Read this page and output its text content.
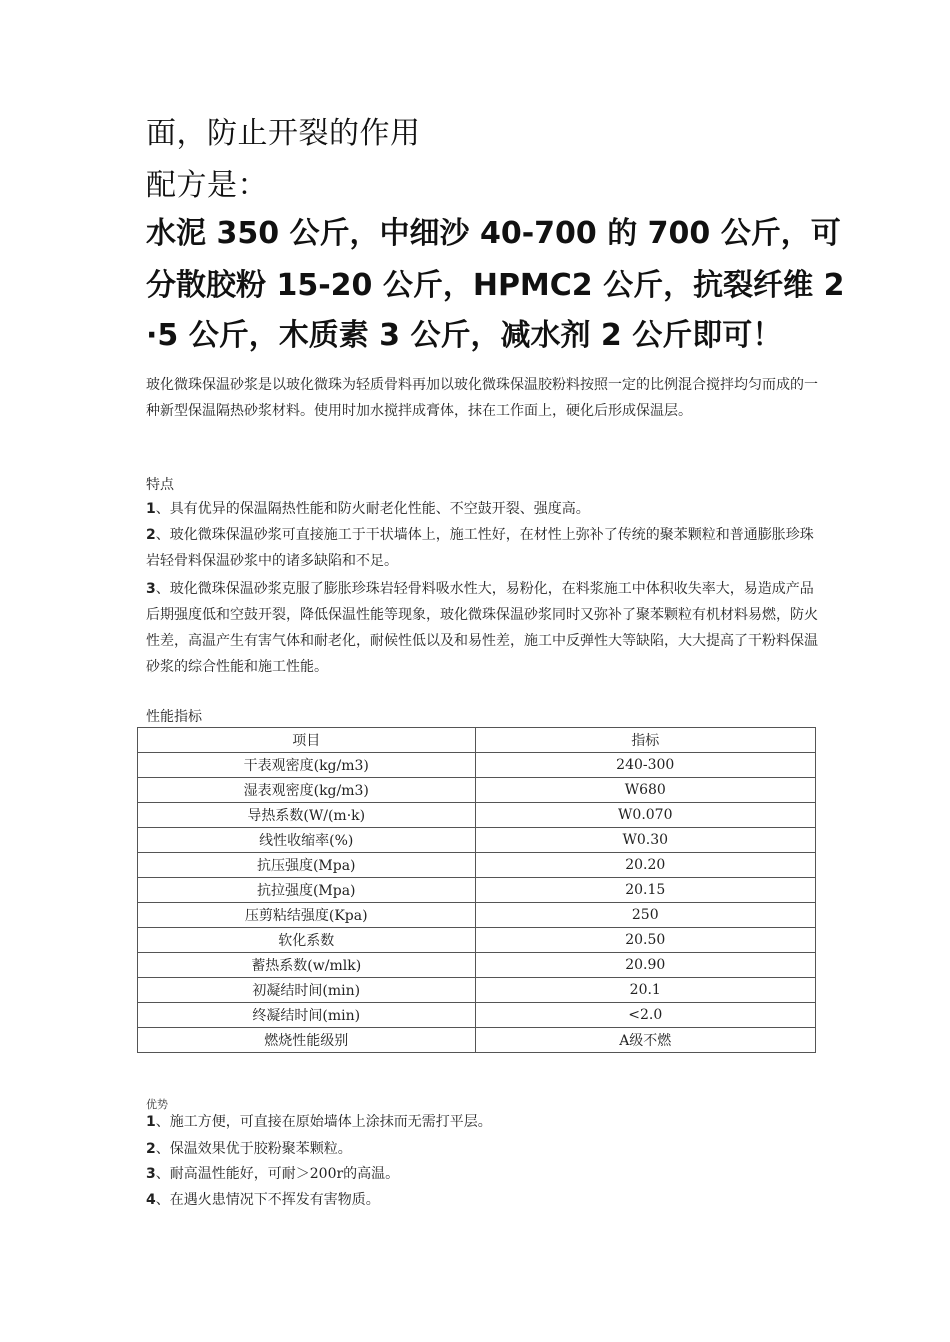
面，防止开裂的作用

配方是：

水泥 350 公斤，中细沙 40-700 的 700 公斤，可

分散胶粉 15-20 公斤，HPMC2 公斤，抗裂纤维 2

·5 公斤，木质素 3 公斤，减水剂 2 公斤即可！

玻化微珠保温砂浆是以玻化微珠为轻质骨料再加以玻化微珠保温胶粉料按照一定的比例混合搅拌均匀而成的一种新型保温隔热砂浆材料。使用时加水搅拌成膏体，抹在工作面上，硬化后形成保温层。

特点

1、具有优异的保温隔热性能和防火耐老化性能、不空鼓开裂、强度高。

2、玻化微珠保温砂浆可直接施工于干状墙体上，施工性好，在材性上弥补了传统的聚苯颗粒和普通膨胀珍珠岩轻骨料保温砂浆中的诸多缺陷和不足。

3、玻化微珠保温砂浆克服了膨胀珍珠岩轻骨料吸水性大，易粉化，在料浆施工中体积收失率大，易造成产品后期强度低和空鼓开裂，降低保温性能等现象，玻化微珠保温砂浆同时又弥补了聚苯颗粒有机材料易燃，防火性差，高温产生有害气体和耐老化，耐候性低以及和易性差，施工中反弹性大等缺陷，大大提高了干粉料保温砂浆的综合性能和施工性能。

性能指标

项目	指标
干表观密度(kg/m3)	240-300
湿表观密度(kg/m3)	W680
导热系数(W/(m·k)	W0.070
线性收缩率(%)	W0.30
抗压强度(Mpa)	20.20
抗拉强度(Mpa)	20.15
压剪粘结强度(Kpa)	250
软化系数	20.50
蓄热系数(w/mlk)	20.90
初凝结时间(min)	20.1
终凝结时间(min)	<2.0
燃烧性能级别	A级不燃

优势

1、施工方便，可直接在原始墙体上涂抹而无需打平层。

2、保温效果优于胶粉聚苯颗粒。

3、耐高温性能好，可耐＞200r的高温。

4、在遇火患情况下不挥发有害物质。
